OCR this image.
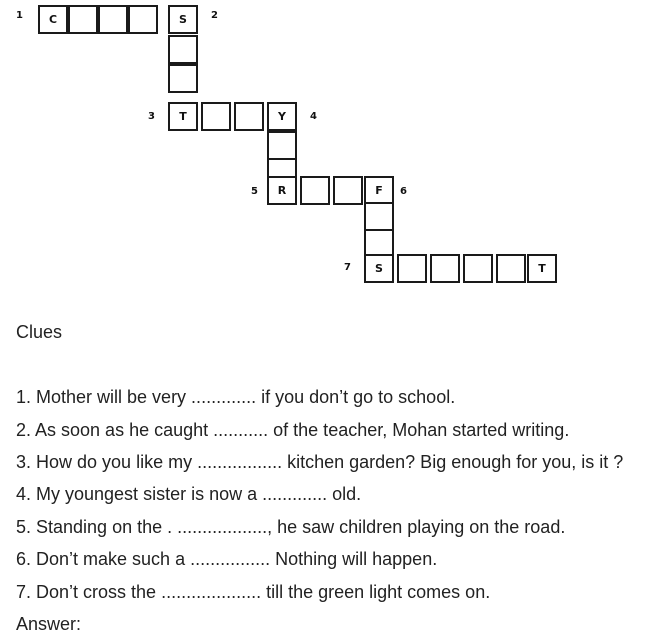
C	S
T	Y
R	F
S	T
1	2
3	4
5	6
7
Clues
1. Mother will be very ............. if you don’t go to school.
2. As soon as he caught ........... of the teacher, Mohan started writing.
3. How do you like my ................. kitchen garden? Big enough for you, is it ?
4. My youngest sister is now a ............. old.
5. Standing on the . .................., he saw children playing on the road.
6. Don’t make such a ................ Nothing will happen.
7. Don’t cross the .................... till the green light comes on.
Answer:
